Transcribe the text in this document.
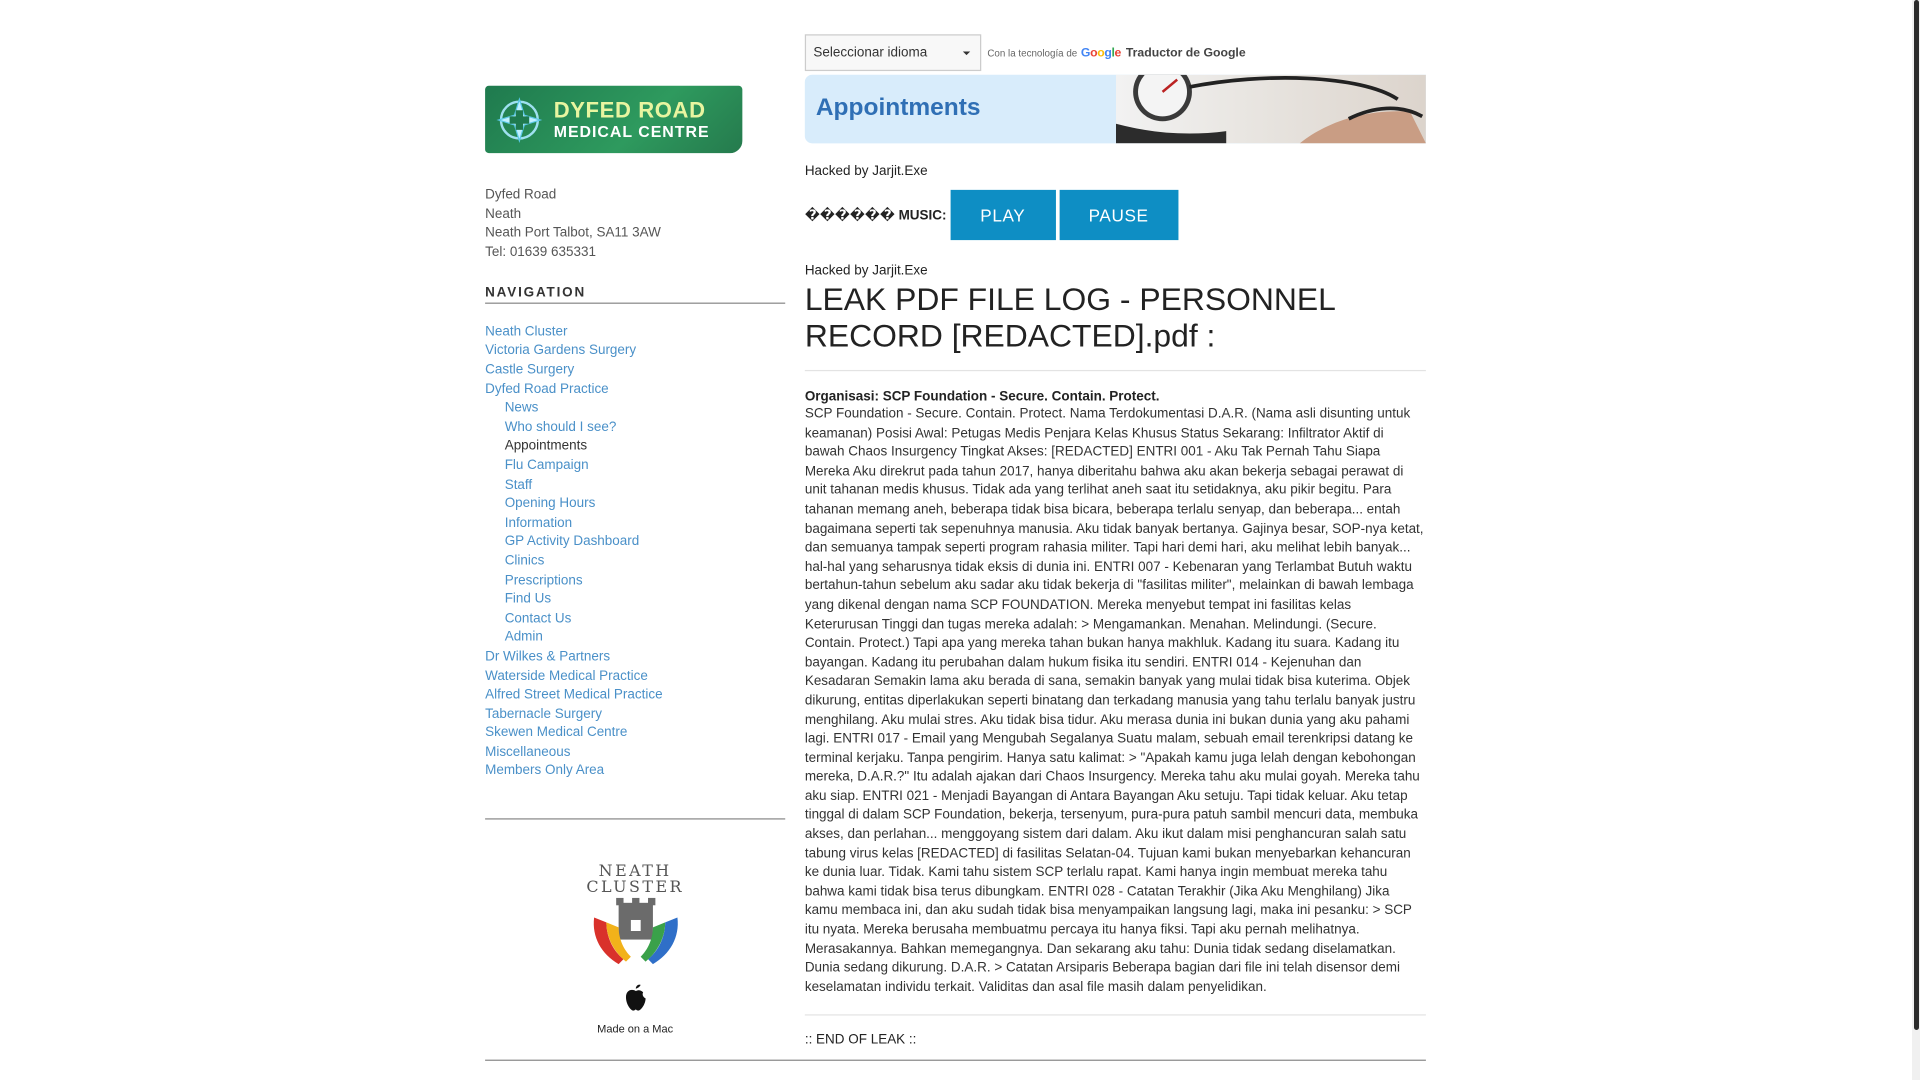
DYFED ROAD
MEDICAL CENTRE
Dyfed Road
Neath
Neath Port Talbot, SA11 3AW
Tel: 01639 635331
NAVIGATION
Neath Cluster
Victoria Gardens Surgery
Castle Surgery
Dyfed Road Practice
News
Who should I see?
Appointments
Flu Campaign
Staff
Opening Hours
Information
GP Activity Dashboard
Clinics
Prescriptions
Find Us
Contact Us
Admin
Dr Wilkes & Partners
Waterside Medical Practice
Alfred Street Medical Practice
Tabernacle Surgery
Skewen Medical Centre
Miscellaneous
Members Only Area
NEATH
CLUSTER
Made on a Mac
Seleccionar idioma	Con la tecnología de Google Traductor de Google
Appointments
Hacked by Jarjit.Exe
������ MUSIC:	PLAY	PAUSE
Hacked by Jarjit.Exe
LEAK PDF FILE LOG - PERSONNEL RECORD [REDACTED].pdf :
Organisasi: SCP Foundation - Secure. Contain. Protect.
SCP Foundation - Secure. Contain. Protect. Nama Terdokumentasi D.A.R. (Nama asli disunting untuk keamanan) Posisi Awal: Petugas Medis Penjara Kelas Khusus Status Sekarang: Infiltrator Aktif di bawah Chaos Insurgency Tingkat Akses: [REDACTED] ENTRI 001 - Aku Tak Pernah Tahu Siapa Mereka Aku direkrut pada tahun 2017, hanya diberitahu bahwa aku akan bekerja sebagai perawat di unit tahanan medis khusus. Tidak ada yang terlihat aneh saat itu setidaknya, aku pikir begitu. Para tahanan memang aneh, beberapa tidak bisa bicara, beberapa terlalu senyap, dan beberapa... entah bagaimana seperti tak sepenuhnya manusia. Aku tidak banyak bertanya. Gajinya besar, SOP-nya ketat, dan semuanya tampak seperti program rahasia militer. Tapi hari demi hari, aku melihat lebih banyak... hal-hal yang seharusnya tidak eksis di dunia ini. ENTRI 007 - Kebenaran yang Terlambat Butuh waktu bertahun-tahun sebelum aku sadar aku tidak bekerja di "fasilitas militer", melainkan di bawah lembaga yang dikenal dengan nama SCP FOUNDATION. Mereka menyebut tempat ini fasilitas kelas Keterurusan Tinggi dan tugas mereka adalah: > Mengamankan. Menahan. Melindungi. (Secure. Contain. Protect.) Tapi apa yang mereka tahan bukan hanya makhluk. Kadang itu suara. Kadang itu bayangan. Kadang itu perubahan dalam hukum fisika itu sendiri. ENTRI 014 - Kejenuhan dan Kesadaran Semakin lama aku berada di sana, semakin banyak yang mulai tidak bisa kuterima. Objek dikurung, entitas diperlakukan seperti binatang dan terkadang manusia yang tahu terlalu banyak justru menghilang. Aku mulai stres. Aku tidak bisa tidur. Aku merasa dunia ini bukan dunia yang aku pahami lagi. ENTRI 017 - Email yang Mengubah Segalanya Suatu malam, sebuah email terenkripsi datang ke terminal kerjaku. Tanpa pengirim. Hanya satu kalimat: > "Apakah kamu juga lelah dengan kebohongan mereka, D.A.R.?" Itu adalah ajakan dari Chaos Insurgency. Mereka tahu aku mulai goyah. Mereka tahu aku siap. ENTRI 021 - Menjadi Bayangan di Antara Bayangan Aku setuju. Tapi tidak keluar. Aku tetap tinggal di dalam SCP Foundation, bekerja, tersenyum, pura-pura patuh sambil mencuri data, membuka akses, dan perlahan... menggoyang sistem dari dalam. Aku ikut dalam misi penghancuran salah satu tabung virus kelas [REDACTED] di fasilitas Selatan-04. Tujuan kami bukan menyebarkan kehancuran ke dunia luar. Tidak. Kami tahu sistem SCP terlalu rapat. Kami hanya ingin membuat mereka tahu bahwa kami tidak bisa terus dibungkam. ENTRI 028 - Catatan Terakhir (Jika Aku Menghilang) Jika kamu membaca ini, dan aku sudah tidak bisa menyampaikan langsung lagi, maka ini pesanku: > SCP itu nyata. Mereka berusaha membuatmu percaya itu hanya fiksi. Tapi aku pernah melihatnya. Merasakannya. Bahkan memegangnya. Dan sekarang aku tahu: Dunia tidak sedang diselamatkan. Dunia sedang dikurung. D.A.R. > Catatan Arsiparis Beberapa bagian dari file ini telah disensor demi keselamatan individu terkait. Validitas dan asal file masih dalam penyelidikan.
:: END OF LEAK ::
